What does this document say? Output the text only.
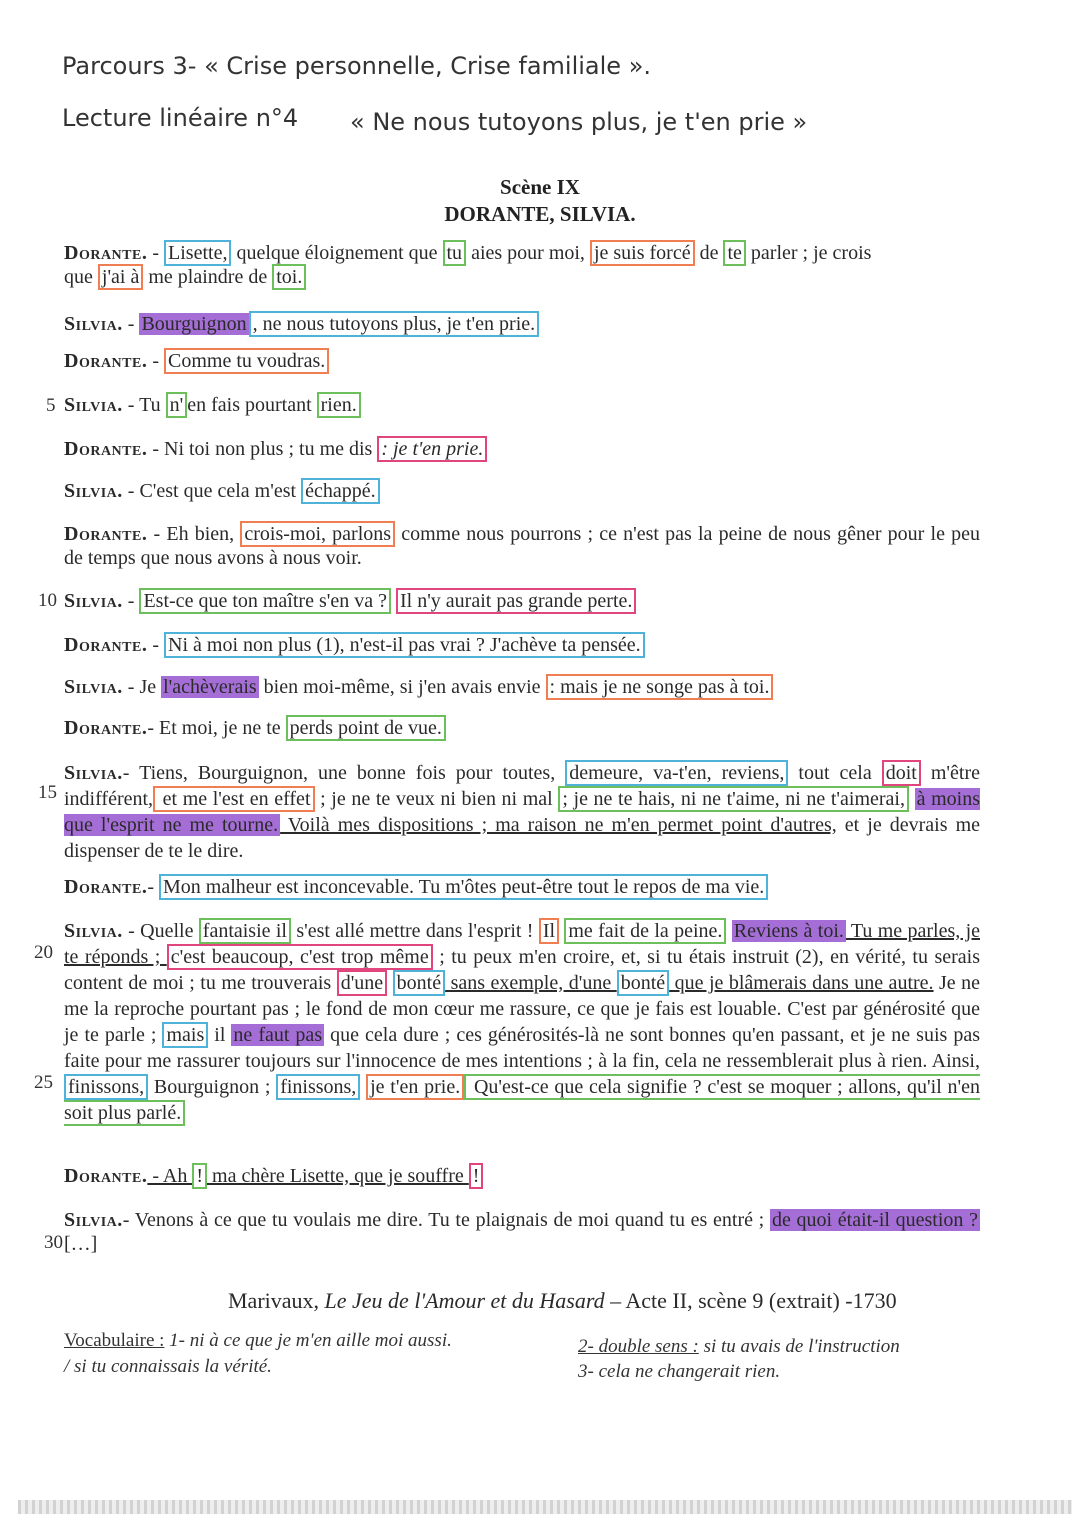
Parcours 3- « Crise personnelle, Crise familiale ».
Lecture linéaire n°4 « Ne nous tutoyons plus, je t'en prie »
Scène IX
DORANTE, SILVIA.
Dorante. - Lisette, quelque éloignement que tu aies pour moi, je suis forcé de te parler ; je crois
que j'ai à me plaindre de toi.
Silvia. - Bourguignon , ne nous tutoyons plus, je t'en prie.
Dorante. - Comme tu voudras.
5 Silvia. - Tu n' en fais pourtant rien.
Dorante. - Ni toi non plus ; tu me dis : je t'en prie.
Silvia. - C'est que cela m'est échappé.
Dorante. - Eh bien, crois-moi, parlons comme nous pourrons ; ce n'est pas la peine de nous gêner pour le peu de temps que nous avons à nous voir.
10 Silvia. - Est-ce que ton maître s'en va ? Il n'y aurait pas grande perte.
Dorante. - Ni à moi non plus (1), n'est-il pas vrai ? J'achève ta pensée.
Silvia. - Je l'achèverais bien moi-même, si j'en avais envie : mais je ne songe pas à toi.
Dorante.- Et moi, je ne te perds point de vue.
15
Silvia.- Tiens, Bourguignon, une bonne fois pour toutes, demeure, va-t'en, reviens, tout cela doit m'être indifférent, et me l'est en effet ; je ne te veux ni bien ni mal ; je ne te hais, ni ne t'aime, ni ne t'aimerai, à moins que l'esprit ne me tourne. Voilà mes dispositions ; ma raison ne m'en permet point d'autres, et je devrais me dispenser de te le dire.
Dorante.- Mon malheur est inconcevable. Tu m'ôtes peut-être tout le repos de ma vie.
20
25
Silvia. - Quelle fantaisie il s'est allé mettre dans l'esprit ! Il me fait de la peine. Reviens à toi. Tu me parles, je te réponds ; c'est beaucoup, c'est trop même ; tu peux m'en croire, et, si tu étais instruit (2), en vérité, tu serais content de moi ; tu me trouverais d'une bonté sans exemple, d'une bonté que je blâmerais dans une autre. Je ne me la reproche pourtant pas ; le fond de mon cœur me rassure, ce que je fais est louable. C'est par générosité que je te parle ; mais il ne faut pas que cela dure ; ces générosités-là ne sont bonnes qu'en passant, et je ne suis pas faite pour me rassurer toujours sur l'innocence de mes intentions ; à la fin, cela ne ressemblerait plus à rien. Ainsi, finissons, Bourguignon ; finissons, je t'en prie. Qu'est-ce que cela signifie ? c'est se moquer ; allons, qu'il n'en soit plus parlé.
Dorante. - Ah ! ma chère Lisette, que je souffre !
30
Silvia.- Venons à ce que tu voulais me dire. Tu te plaignais de moi quand tu es entré ; de quoi était-il question ? […]
Marivaux, Le Jeu de l'Amour et du Hasard – Acte II, scène 9 (extrait) -1730
Vocabulaire : 1- ni à ce que je m'en aille moi aussi.
/ si tu connaissais la vérité.
2- double sens : si tu avais de l'instruction
3- cela ne changerait rien.
